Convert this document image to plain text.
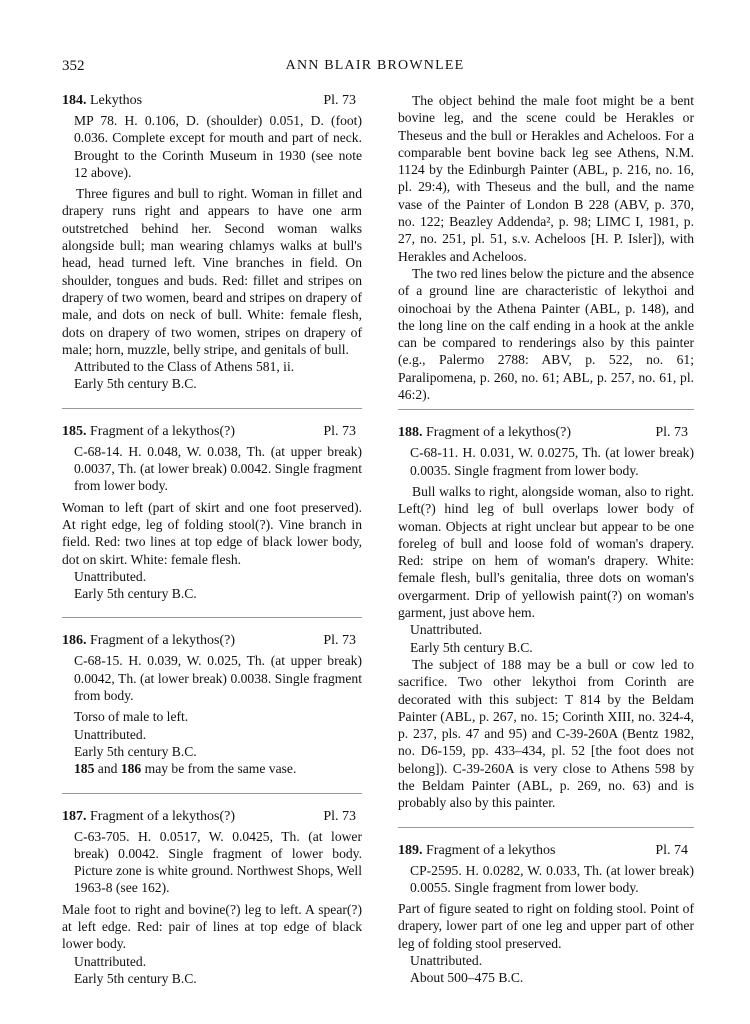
352	ANN BLAIR BROWNLEE
184. Lekythos	Pl. 73
MP 78. H. 0.106, D. (shoulder) 0.051, D. (foot) 0.036. Complete except for mouth and part of neck. Brought to the Corinth Museum in 1930 (see note 12 above).

Three figures and bull to right. Woman in fillet and drapery runs right and appears to have one arm outstretched behind her. Second woman walks alongside bull; man wearing chlamys walks at bull's head, head turned left. Vine branches in field. On shoulder, tongues and buds. Red: fillet and stripes on drapery of two women, beard and stripes on drapery of male, and dots on neck of bull. White: female flesh, dots on drapery of two women, stripes on drapery of male; horn, muzzle, belly stripe, and genitals of bull.

Attributed to the Class of Athens 581, ii.
Early 5th century B.C.
185. Fragment of a lekythos(?)	Pl. 73
C-68-14. H. 0.048, W. 0.038, Th. (at upper break) 0.0037, Th. (at lower break) 0.0042. Single fragment from lower body.

Woman to left (part of skirt and one foot preserved). At right edge, leg of folding stool(?). Vine branch in field. Red: two lines at top edge of black lower body, dot on skirt. White: female flesh.

Unattributed.
Early 5th century B.C.
186. Fragment of a lekythos(?)	Pl. 73
C-68-15. H. 0.039, W. 0.025, Th. (at upper break) 0.0042, Th. (at lower break) 0.0038. Single fragment from body.
Torso of male to left.
Unattributed.
Early 5th century B.C.
185 and 186 may be from the same vase.
187. Fragment of a lekythos(?)	Pl. 73
C-63-705. H. 0.0517, W. 0.0425, Th. (at lower break) 0.0042. Single fragment of lower body. Picture zone is white ground. Northwest Shops, Well 1963-8 (see 162).

Male foot to right and bovine(?) leg to left. A spear(?) at left edge. Red: pair of lines at top edge of black lower body.

Unattributed.
Early 5th century B.C.

The object behind the male foot might be a bent bovine leg, and the scene could be Herakles or Theseus and the bull or Herakles and Acheloos. For a comparable bent bovine back leg see Athens, N.M. 1124 by the Edinburgh Painter (ABL, p. 216, no. 16, pl. 29:4), with Theseus and the bull, and the name vase of the Painter of London B 228 (ABV, p. 370, no. 122; Beazley Addenda², p. 98; LIMC I, 1981, p. 27, no. 251, pl. 51, s.v. Acheloos [H. P. Isler]), with Herakles and Acheloos.

The two red lines below the picture and the absence of a ground line are characteristic of lekythoi and oinochoai by the Athena Painter (ABL, p. 148), and the long line on the calf ending in a hook at the ankle can be compared to renderings also by this painter (e.g., Palermo 2788: ABV, p. 522, no. 61; Paralipomena, p. 260, no. 61; ABL, p. 257, no. 61, pl. 46:2).

188. Fragment of a lekythos(?)	Pl. 73
C-68-11. H. 0.031, W. 0.0275, Th. (at lower break) 0.0035. Single fragment from lower body.

Bull walks to right, alongside woman, also to right. Left(?) hind leg of bull overlaps lower body of woman. Objects at right unclear but appear to be one foreleg of bull and loose fold of woman's drapery. Red: stripe on hem of woman's drapery. White: female flesh, bull's genitalia, three dots on woman's overgarment. Drip of yellowish paint(?) on woman's garment, just above hem.

Unattributed.
Early 5th century B.C.

The subject of 188 may be a bull or cow led to sacrifice. Two other lekythoi from Corinth are decorated with this subject: T 814 by the Beldam Painter (ABL, p. 267, no. 15; Corinth XIII, no. 324-4, p. 237, pls. 47 and 95) and C-39-260A (Bentz 1982, no. D6-159, pp. 433–434, pl. 52 [the foot does not belong]). C-39-260A is very close to Athens 598 by the Beldam Painter (ABL, p. 269, no. 63) and is probably also by this painter.

189. Fragment of a lekythos	Pl. 74
CP-2595. H. 0.0282, W. 0.033, Th. (at lower break) 0.0055. Single fragment from lower body.

Part of figure seated to right on folding stool. Point of drapery, lower part of one leg and upper part of other leg of folding stool preserved.

Unattributed.
About 500–475 B.C.
